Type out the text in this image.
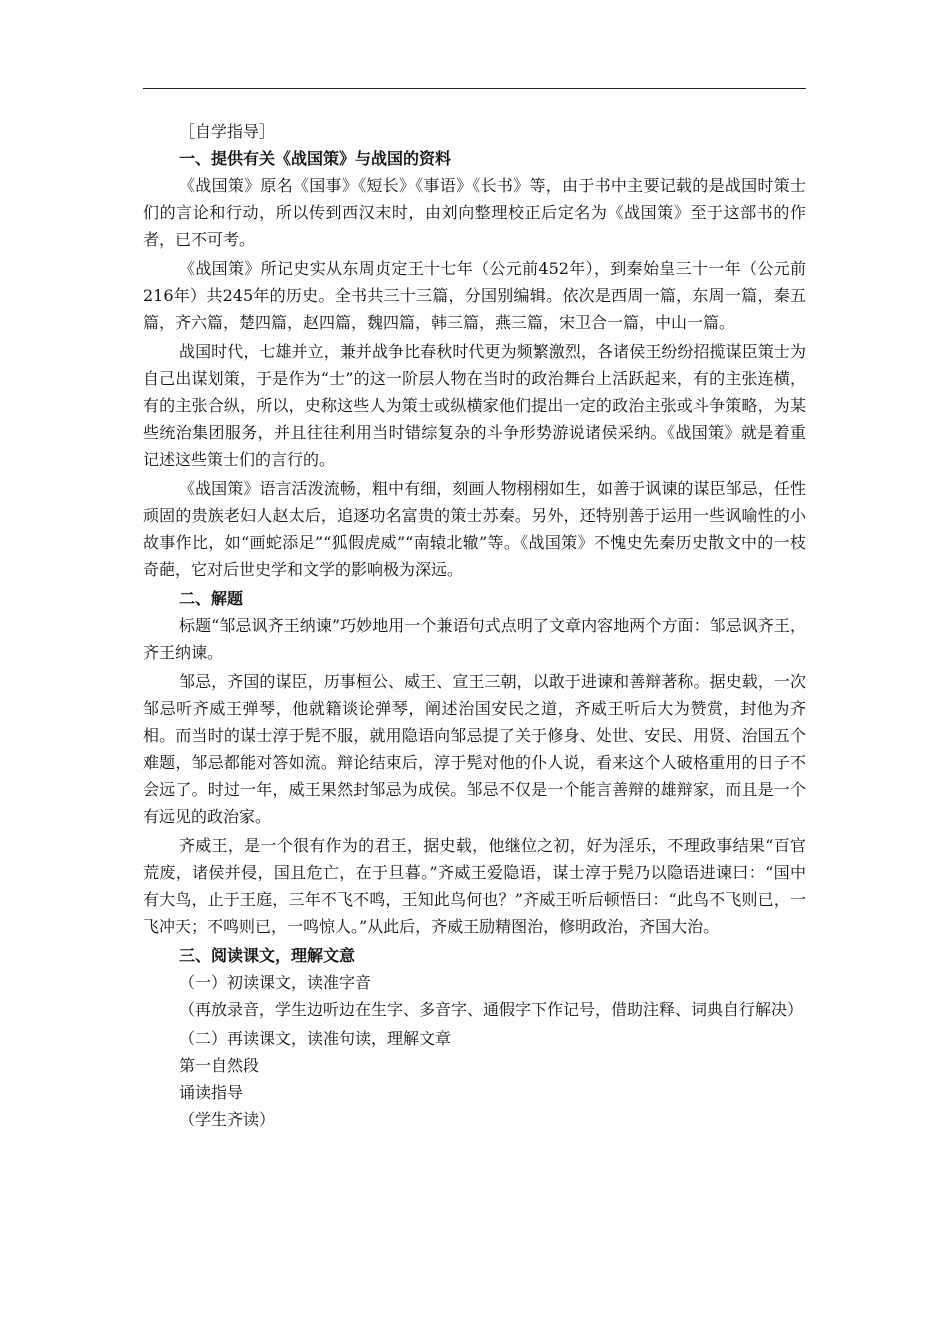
［自学指导］

一、提供有关《战国策》与战国的资料

《战国策》原名《国事》《短长》《事语》《长书》等，由于书中主要记载的是战国时策士们的言论和行动，所以传到西汉末时，由刘向整理校正后定名为《战国策》至于这部书的作者，已不可考。

《战国策》所记史实从东周贞定王十七年（公元前452年），到秦始皇三十一年（公元前216年）共245年的历史。全书共三十三篇，分国别编辑。依次是西周一篇，东周一篇，秦五篇，齐六篇，楚四篇，赵四篇，魏四篇，韩三篇，燕三篇，宋卫合一篇，中山一篇。

战国时代，七雄并立，兼并战争比春秋时代更为频繁激烈，各诸侯王纷纷招揽谋臣策士为自己出谋划策，于是作为“士”的这一阶层人物在当时的政治舞台上活跃起来，有的主张连横，有的主张合纵，所以，史称这些人为策士或纵横家他们提出一定的政治主张或斗争策略，为某些统治集团服务，并且往往利用当时错综复杂的斗争形势游说诸侯采纳。《战国策》就是着重记述这些策士们的言行的。

《战国策》语言活泼流畅，粗中有细，刻画人物栩栩如生，如善于讽谏的谋臣邹忌，任性顽固的贵族老妇人赵太后，追逐功名富贵的策士苏秦。另外，还特别善于运用一些讽喻性的小故事作比，如“画蛇添足”“狐假虎威”“南辕北辙”等。《战国策》不愧史先秦历史散文中的一枝奇葩，它对后世史学和文学的影响极为深远。

二、解题

标题“邹忌讽齐王纳谏”巧妙地用一个兼语句式点明了文章内容地两个方面：邹忌讽齐王，齐王纳谏。

邹忌，齐国的谋臣，历事桓公、威王、宣王三朝，以敢于进谏和善辩著称。据史载，一次邹忌听齐威王弹琴，他就籍谈论弹琴，阐述治国安民之道，齐威王听后大为赞赏，封他为齐相。而当时的谋士淳于髡不服，就用隐语向邹忌提了关于修身、处世、安民、用贤、治国五个难题，邹忌都能对答如流。辩论结束后，淳于髡对他的仆人说，看来这个人破格重用的日子不会远了。时过一年，威王果然封邹忌为成侯。邹忌不仅是一个能言善辩的雄辩家，而且是一个有远见的政治家。

齐威王，是一个很有作为的君王，据史载，他继位之初，好为淫乐，不理政事结果“百官荒废，诸侯并侵，国且危亡，在于旦暮。”齐威王爱隐语，谋士淳于髡乃以隐语进谏曰：“国中有大鸟，止于王庭，三年不飞不鸣，王知此鸟何也？”齐威王听后顿悟曰：“此鸟不飞则已，一飞冲天；不鸣则已，一鸣惊人。”从此后，齐威王励精图治，修明政治，齐国大治。

三、阅读课文，理解文意

（一）初读课文，读准字音

（再放录音，学生边听边在生字、多音字、通假字下作记号，借助注释、词典自行解决）

（二）再读课文，读准句读，理解文章

第一自然段

诵读指导

（学生齐读）
